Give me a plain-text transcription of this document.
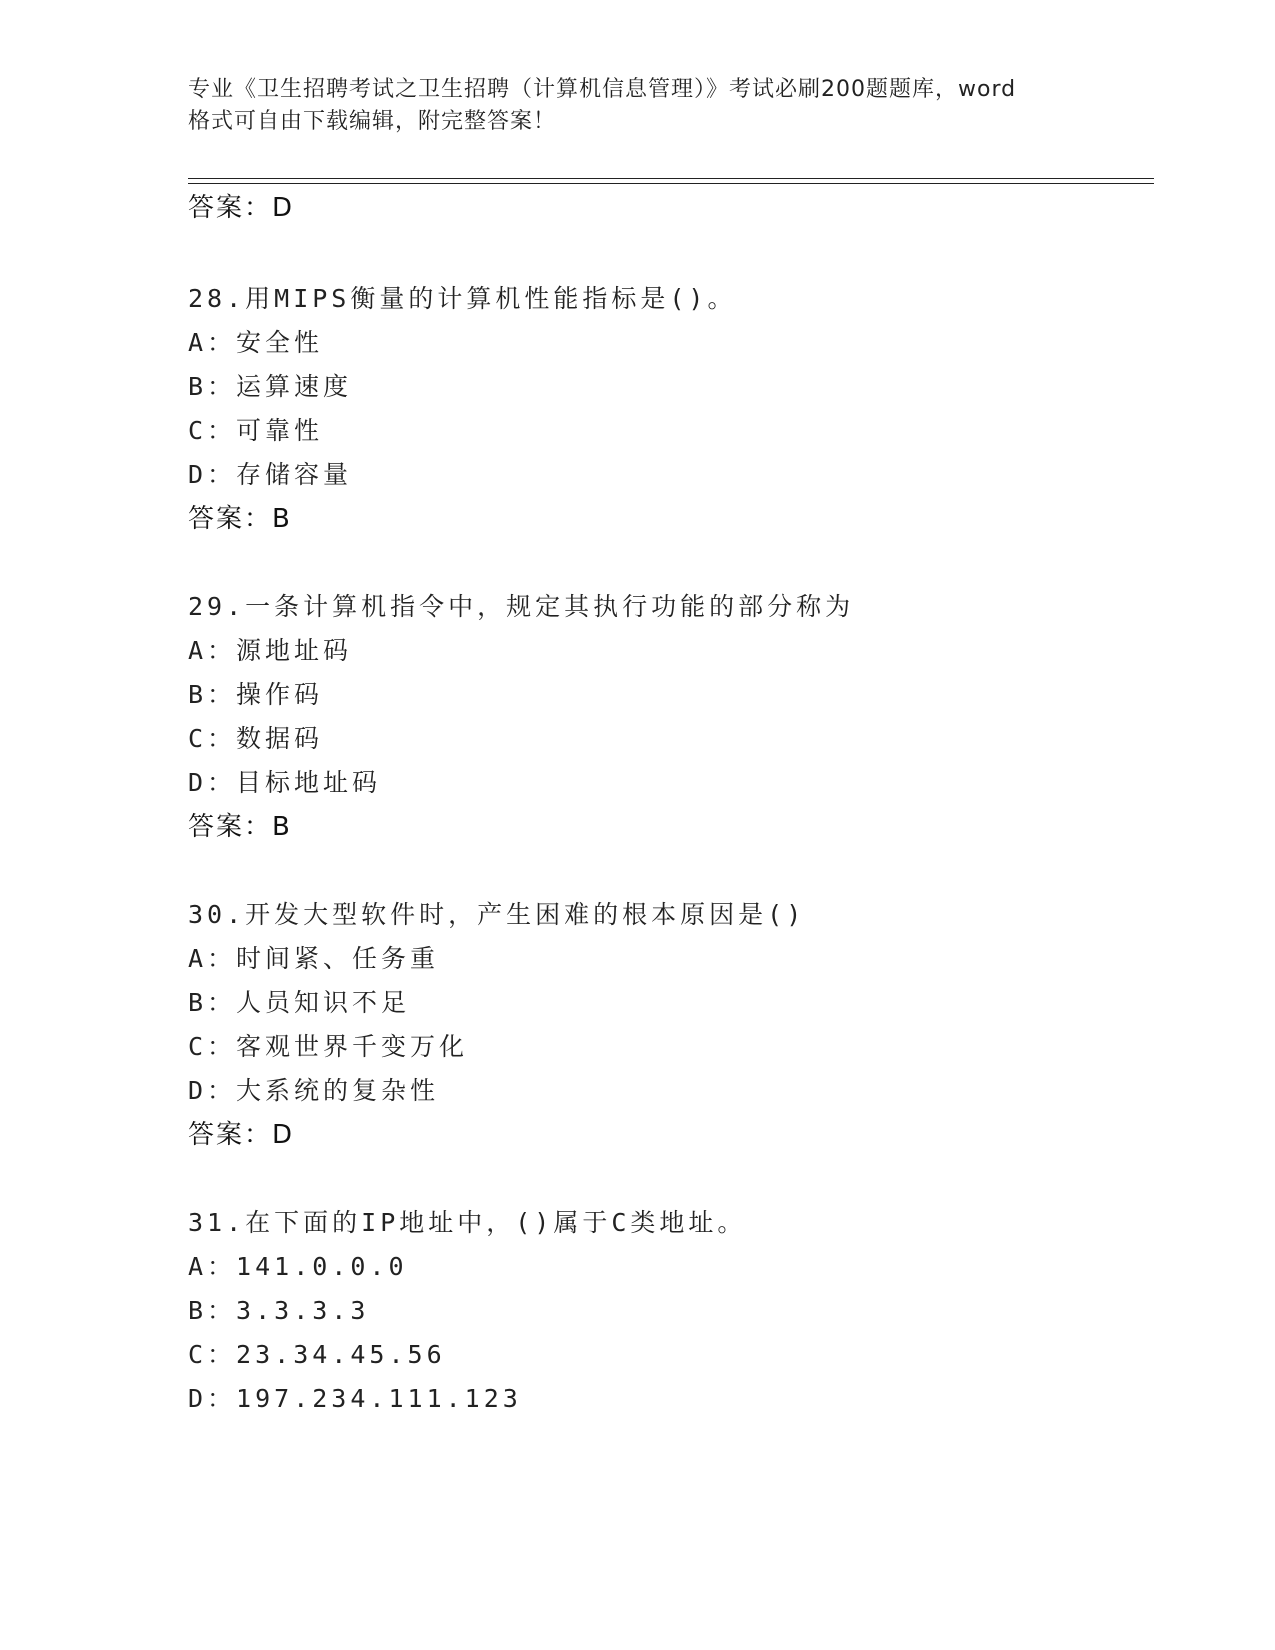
专业《卫生招聘考试之卫生招聘（计算机信息管理）》考试必刷200题题库，word
格式可自由下载编辑，附完整答案！
答案：D
28.用MIPS衡量的计算机性能指标是()。
A：安全性
B：运算速度
C：可靠性
D：存储容量
答案：B
29.一条计算机指令中，规定其执行功能的部分称为
A：源地址码
B：操作码
C：数据码
D：目标地址码
答案：B
30.开发大型软件时，产生困难的根本原因是()
A：时间紧、任务重
B：人员知识不足
C：客观世界千变万化
D：大系统的复杂性
答案：D
31.在下面的IP地址中，()属于C类地址。
A：141.0.0.0
B：3.3.3.3
C：23.34.45.56
D：197.234.111.123
